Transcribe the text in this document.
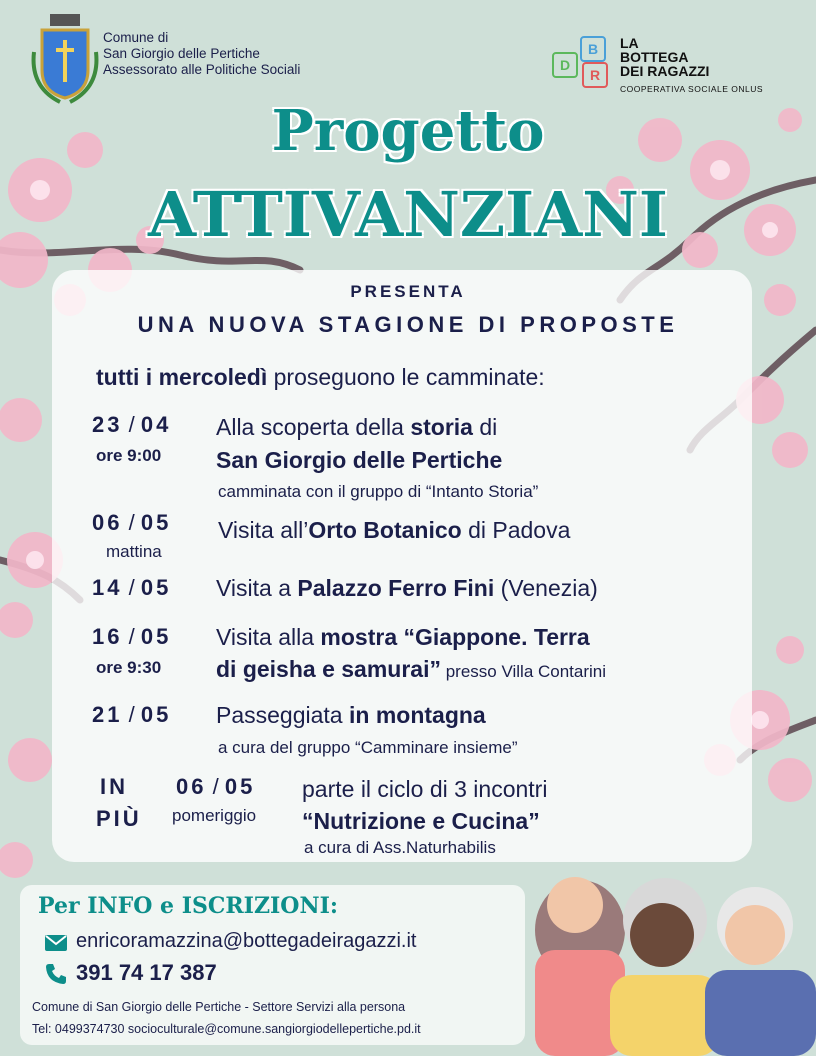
Comune di
San Giorgio delle Pertiche
Assessorato alle Politiche Sociali
B
D
R
LA
BOTTEGA
DEI RAGAZZI
COOPERATIVA SOCIALE ONLUS
Progetto
ATTIVANZIANI
PRESENTA
UNA NUOVA STAGIONE DI PROPOSTE
tutti i mercoledì proseguono le camminate:
23 / 04
ore 9:00
Alla scoperta della storia di
San Giorgio delle Pertiche
camminata con il gruppo di “Intanto Storia”
06 / 05
mattina
Visita all’Orto Botanico di Padova
14 / 05 Visita a Palazzo Ferro Fini (Venezia)
16 / 05
ore 9:30
Visita alla mostra “Giappone. Terra
di geisha e samurai” presso Villa Contarini
21 / 05 Passeggiata in montagna
a cura del gruppo “Camminare insieme”
IN
PIÙ
06 / 05
pomeriggio
parte il ciclo di 3 incontri
“Nutrizione e Cucina”
a cura di Ass.Naturhabilis
Per INFO e ISCRIZIONI:
enricoramazzina@bottegadeiragazzi.it
391 74 17 387
Comune di San Giorgio delle Pertiche - Settore Servizi alla persona
Tel: 0499374730 socioculturale@comune.sangiorgiodellepertiche.pd.it
